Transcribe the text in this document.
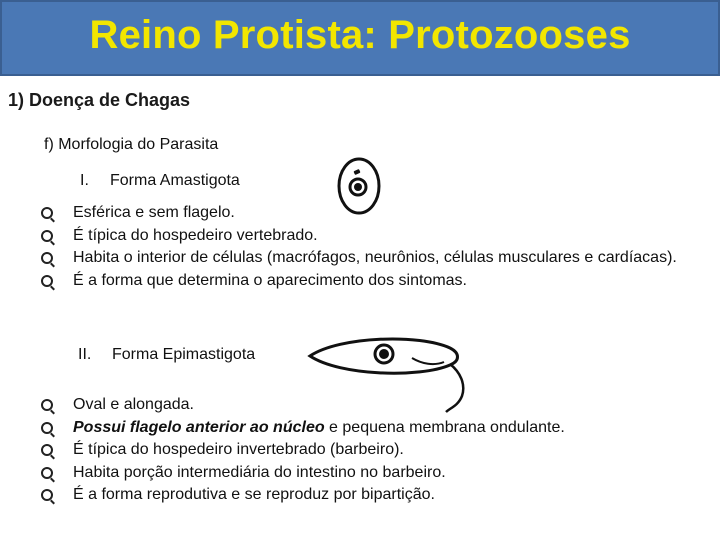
Reino Protista: Protozooses
1) Doença de Chagas
f) Morfologia do Parasita
I. Forma Amastigota
Esférica e sem flagelo.
É típica do hospedeiro vertebrado.
Habita o interior de células (macrófagos, neurônios, células musculares e cardíacas).
É a forma que determina o aparecimento dos sintomas.
II. Forma Epimastigota
Oval e alongada.
Possui flagelo anterior ao núcleo e pequena membrana ondulante.
É típica do hospedeiro invertebrado (barbeiro).
Habita porção intermediária do intestino no barbeiro.
É a forma reprodutiva e se reproduz por bipartição.
